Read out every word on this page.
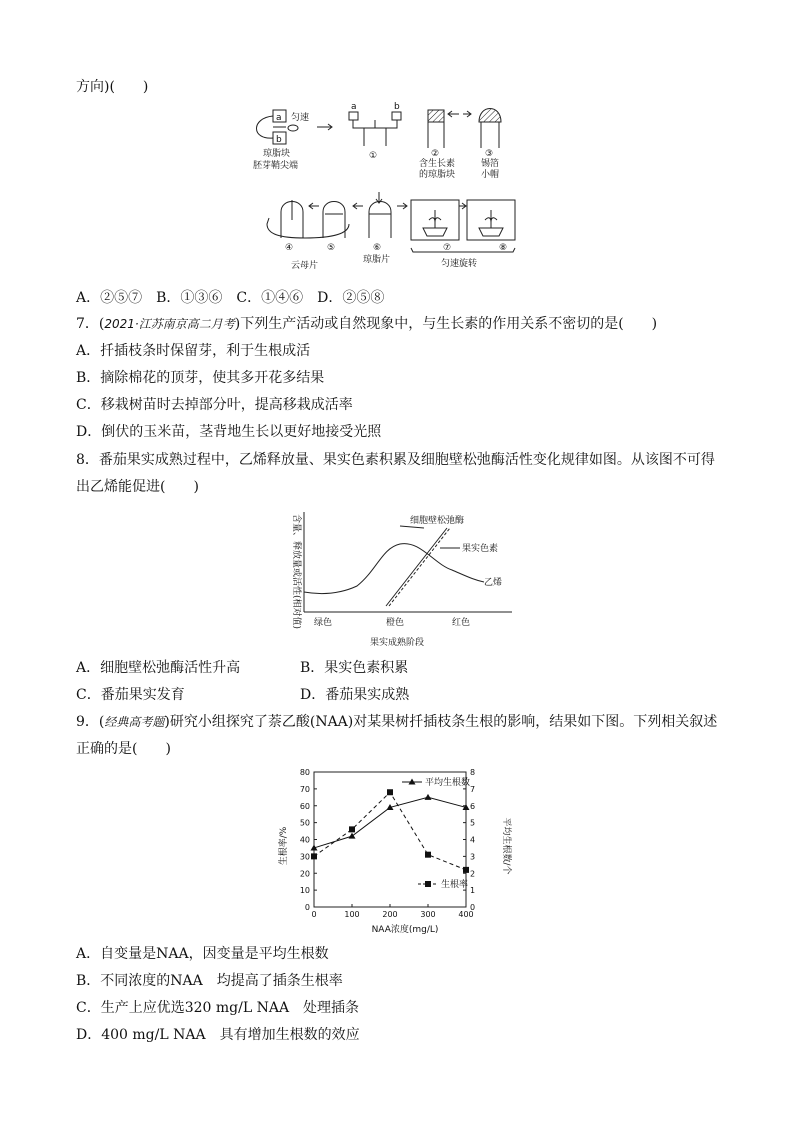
方向)(　　)
a
b
匀速
琼脂块
胚芽鞘尖端
a	b
①	②
含生长素
的琼脂块
③
锡箔
小帽
④	⑤
云母片
⑥
琼脂片
⑦	⑧
匀速旋转
A．②⑤⑦　B．①③⑥　C．①④⑥　D．②⑤⑧
7．(2021·江苏南京高二月考)下列生产活动或自然现象中，与生长素的作用关系不密切的是(　　)
A．扦插枝条时保留芽，利于生根成活
B．摘除棉花的顶芽，使其多开花多结果
C．移栽树苗时去掉部分叶，提高移栽成活率
D．倒伏的玉米苗，茎背地生长以更好地接受光照
8．番茄果实成熟过程中，乙烯释放量、果实色素积累及细胞壁松弛酶活性变化规律如图。从该图不可得
出乙烯能促进(　　)
含量、释放量或活性(相对值) 绿色	橙色	红色
果实成熟阶段
细胞壁松弛酶
果实色素
乙烯
A．细胞壁松弛酶活性升高	B．果实色素积累
C．番茄果实发育	D．番茄果实成熟
9．(经典高考题)研究小组探究了萘乙酸(NAA)对某果树扦插枝条生根的影响，结果如下图。下列相关叙述
正确的是(　　)
0
10
20
30
40
50
60
70
80
0
1
2
3
4
5
6
7
8
0	100	200	300	400
生根率/%	平均生根数/个
NAA浓度(mg/L)
平均生根数
生根率
A．自变量是NAA，因变量是平均生根数
B．不同浓度的NAA　均提高了插条生根率
C．生产上应优选320 mg/L NAA　处理插条
D．400 mg/L NAA　具有增加生根数的效应
